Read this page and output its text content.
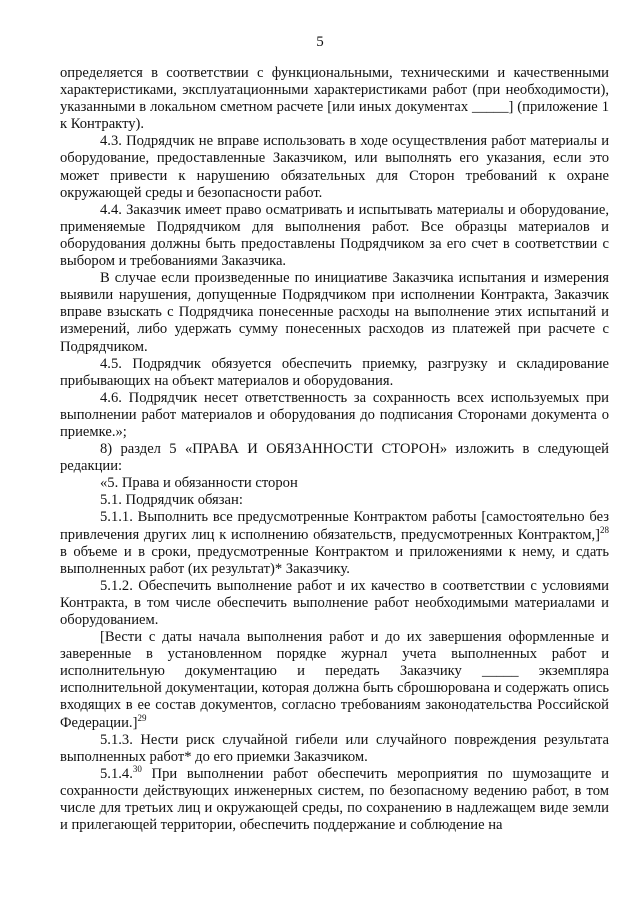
5

определяется в соответствии с функциональными, техническими и качественными характеристиками, эксплуатационными характеристиками работ (при необходимости), указанными в локальном сметном расчете [или иных документах _____] (приложение 1 к Контракту).

4.3. Подрядчик не вправе использовать в ходе осуществления работ материалы и оборудование, предоставленные Заказчиком, или выполнять его указания, если это может привести к нарушению обязательных для Сторон требований к охране окружающей среды и безопасности работ.

4.4. Заказчик имеет право осматривать и испытывать материалы и оборудование, применяемые Подрядчиком для выполнения работ. Все образцы материалов и оборудования должны быть предоставлены Подрядчиком за его счет в соответствии с выбором и требованиями Заказчика.

В случае если произведенные по инициативе Заказчика испытания и измерения выявили нарушения, допущенные Подрядчиком при исполнении Контракта, Заказчик вправе взыскать с Подрядчика понесенные расходы на выполнение этих испытаний и измерений, либо удержать сумму понесенных расходов из платежей при расчете с Подрядчиком.

4.5. Подрядчик обязуется обеспечить приемку, разгрузку и складирование прибывающих на объект материалов и оборудования.

4.6. Подрядчик несет ответственность за сохранность всех используемых при выполнении работ материалов и оборудования до подписания Сторонами документа о приемке.»;

8) раздел 5 «ПРАВА И ОБЯЗАННОСТИ СТОРОН» изложить в следующей редакции:

«5. Права и обязанности сторон

5.1. Подрядчик обязан:

5.1.1. Выполнить все предусмотренные Контрактом работы [самостоятельно без привлечения других лиц к исполнению обязательств, предусмотренных Контрактом,]$^{28}$ в объеме и в сроки, предусмотренные Контрактом и приложениями к нему, и сдать выполненных работ (их результат)* Заказчику.

5.1.2. Обеспечить выполнение работ и их качество в соответствии с условиями Контракта, в том числе обеспечить выполнение работ необходимыми материалами и оборудованием.

[Вести с даты начала выполнения работ и до их завершения оформленные и заверенные в установленном порядке журнал учета выполненных работ и исполнительную документацию и передать Заказчику _____ экземпляра исполнительной документации, которая должна быть сброшюрована и содержать опись входящих в ее состав документов, согласно требованиям законодательства Российской Федерации.]$^{29}$

5.1.3. Нести риск случайной гибели или случайного повреждения результата выполненных работ* до его приемки Заказчиком.

5.1.4.30 При выполнении работ обеспечить мероприятия по шумозащите и сохранности действующих инженерных систем, по безопасному ведению работ, в том числе для третьих лиц и окружающей среды, по сохранению в надлежащем виде земли и прилегающей территории, обеспечить поддержание и соблюдение на
